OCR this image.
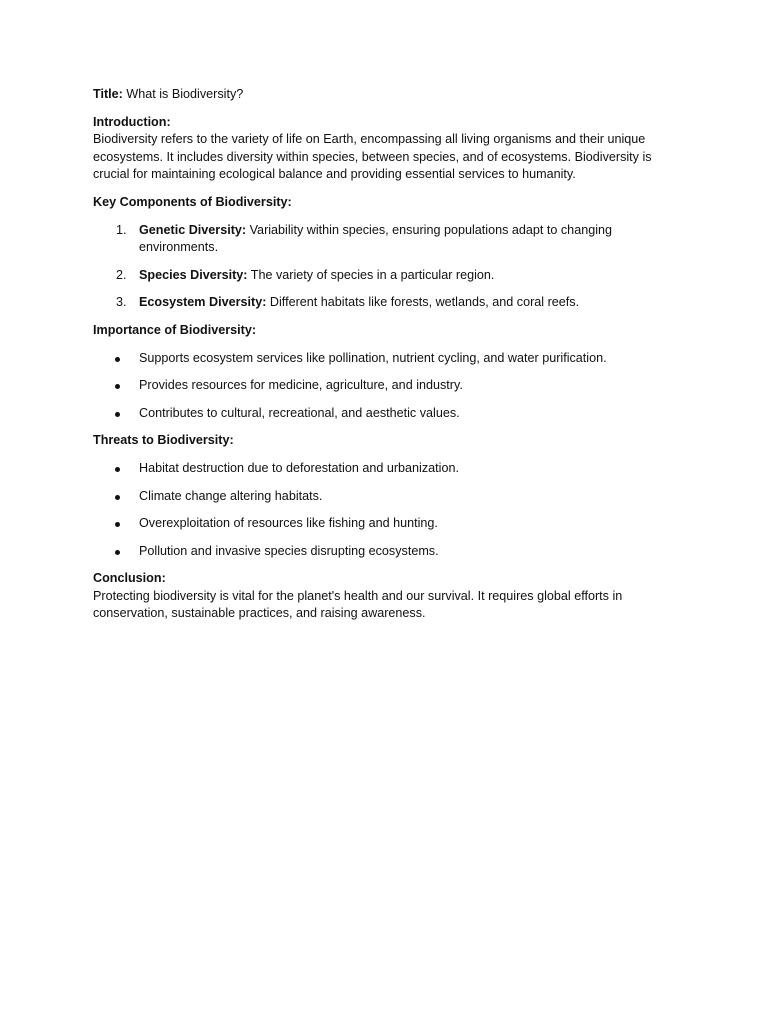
Title: What is Biodiversity?

Introduction:

Biodiversity refers to the variety of life on Earth, encompassing all living organisms and their unique ecosystems. It includes diversity within species, between species, and of ecosystems. Biodiversity is crucial for maintaining ecological balance and providing essential services to humanity.

Key Components of Biodiversity:

1. Genetic Diversity: Variability within species, ensuring populations adapt to changing environments.
2. Species Diversity: The variety of species in a particular region.
3. Ecosystem Diversity: Different habitats like forests, wetlands, and coral reefs.

Importance of Biodiversity:

Supports ecosystem services like pollination, nutrient cycling, and water purification.
Provides resources for medicine, agriculture, and industry.
Contributes to cultural, recreational, and aesthetic values.

Threats to Biodiversity:

Habitat destruction due to deforestation and urbanization.
Climate change altering habitats.
Overexploitation of resources like fishing and hunting.
Pollution and invasive species disrupting ecosystems.

Conclusion:

Protecting biodiversity is vital for the planet's health and our survival. It requires global efforts in conservation, sustainable practices, and raising awareness.
